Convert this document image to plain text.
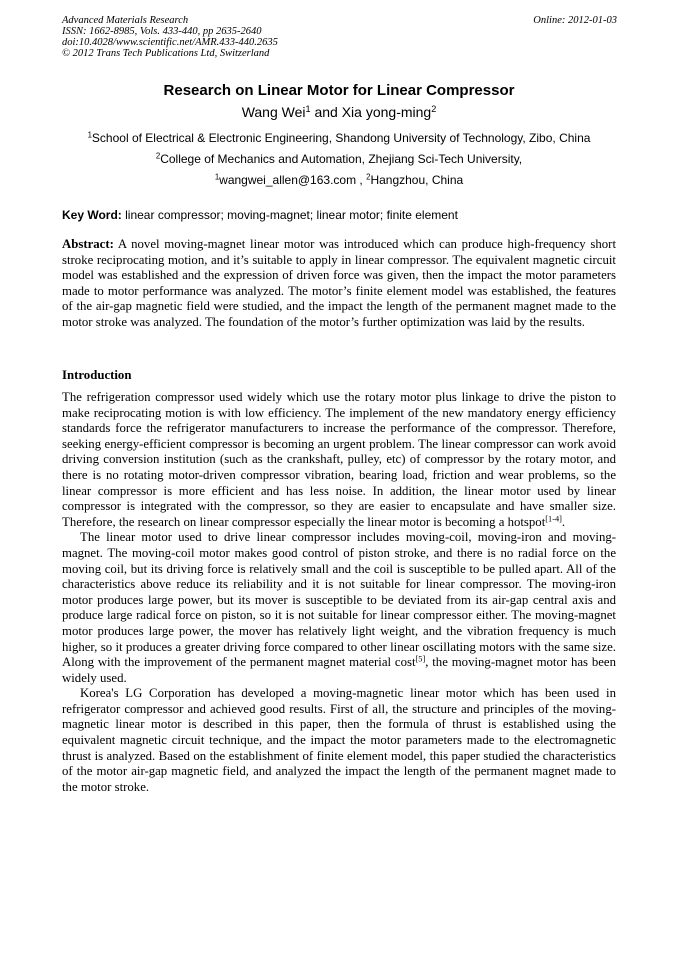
Advanced Materials Research
ISSN: 1662-8985, Vols. 433-440, pp 2635-2640
doi:10.4028/www.scientific.net/AMR.433-440.2635
© 2012 Trans Tech Publications Ltd, Switzerland
Online: 2012-01-03
Research on Linear Motor for Linear Compressor
Wang Wei$^1$ and Xia yong-ming$^2$
$^1$School of Electrical & Electronic Engineering, Shandong University of Technology, Zibo, China
$^2$College of Mechanics and Automation, Zhejiang Sci-Tech University,
$^1$wangwei_allen@163.com , $^2$Hangzhou, China
Key Word: linear compressor; moving-magnet; linear motor; finite element
Abstract: A novel moving-magnet linear motor was introduced which can produce high-frequency short stroke reciprocating motion, and it’s suitable to apply in linear compressor. The equivalent magnetic circuit model was established and the expression of driven force was given, then the impact the motor parameters made to motor performance was analyzed. The motor’s finite element model was established, the features of the air-gap magnetic field were studied, and the impact the length of the permanent magnet made to the motor stroke was analyzed. The foundation of the motor’s further optimization was laid by the results.
Introduction

The refrigeration compressor used widely which use the rotary motor plus linkage to drive the piston to make reciprocating motion is with low efficiency. The implement of the new mandatory energy efficiency standards force the refrigerator manufacturers to increase the performance of the compressor. Therefore, seeking energy-efficient compressor is becoming an urgent problem. The linear compressor can work avoid driving conversion institution (such as the crankshaft, pulley, etc) of compressor by the rotary motor, and there is no rotating motor-driven compressor vibration, bearing load, friction and wear problems, so the linear compressor is more efficient and has less noise. In addition, the linear motor used by linear compressor is integrated with the compressor, so they are easier to encapsulate and have smaller size. Therefore, the research on linear compressor especially the linear motor is becoming a hotspot[1-4].

The linear motor used to drive linear compressor includes moving-coil, moving-iron and moving-magnet. The moving-coil motor makes good control of piston stroke, and there is no radial force on the moving coil, but its driving force is relatively small and the coil is susceptible to be pulled apart. All of the characteristics above reduce its reliability and it is not suitable for linear compressor. The moving-iron motor produces large power, but its mover is susceptible to be deviated from its air-gap central axis and produce large radical force on piston, so it is not suitable for linear compressor either. The moving-magnet motor produces large power, the mover has relatively light weight, and the vibration frequency is much higher, so it produces a greater driving force compared to other linear oscillating motors with the same size. Along with the improvement of the permanent magnet material cost[5], the moving-magnet motor has been widely used.

Korea's LG Corporation has developed a moving-magnetic linear motor which has been used in refrigerator compressor and achieved good results. First of all, the structure and principles of the moving-magnetic linear motor is described in this paper, then the formula of thrust is established using the equivalent magnetic circuit technique, and the impact the motor parameters made to the electromagnetic thrust is analyzed. Based on the establishment of finite element model, this paper studied the characteristics of the motor air-gap magnetic field, and analyzed the impact the length of the permanent magnet made to the motor stroke.
